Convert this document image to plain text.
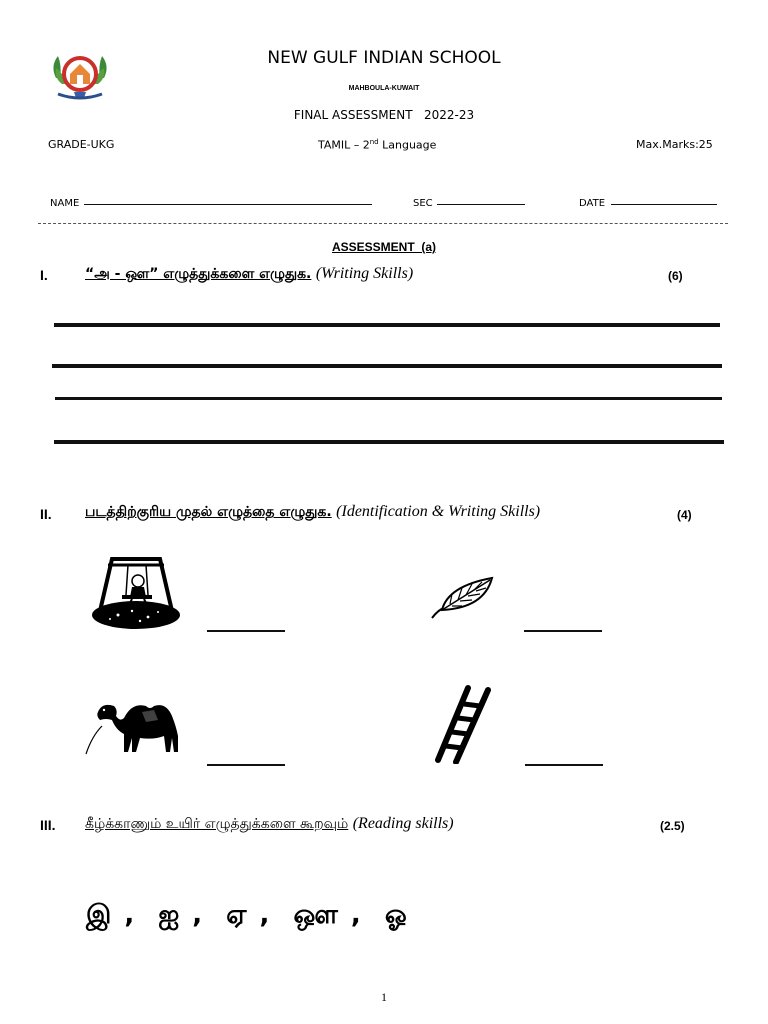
NEW GULF INDIAN SCHOOL
MAHBOULA-KUWAIT
FINAL ASSESSMENT   2022-23
GRADE-UKG	TAMIL – 2nd Language	Max.Marks:25
NAME	SEC	DATE
ASSESSMENT  (a)
I.	“அ - ஔ” எழுத்துக்களை எழுதுக. (Writing Skills)	(6)
II. படத்திற்குரிய முதல் எழுத்தை எழுதுக. (Identification & Writing Skills)	(4)
III. கீழ்க்காணும் உயிர் எழுத்துக்களை கூறவும் (Reading skills)	(2.5)
இ ,  ஐ ,  ஏ ,  ஔ ,  ஓ
1
